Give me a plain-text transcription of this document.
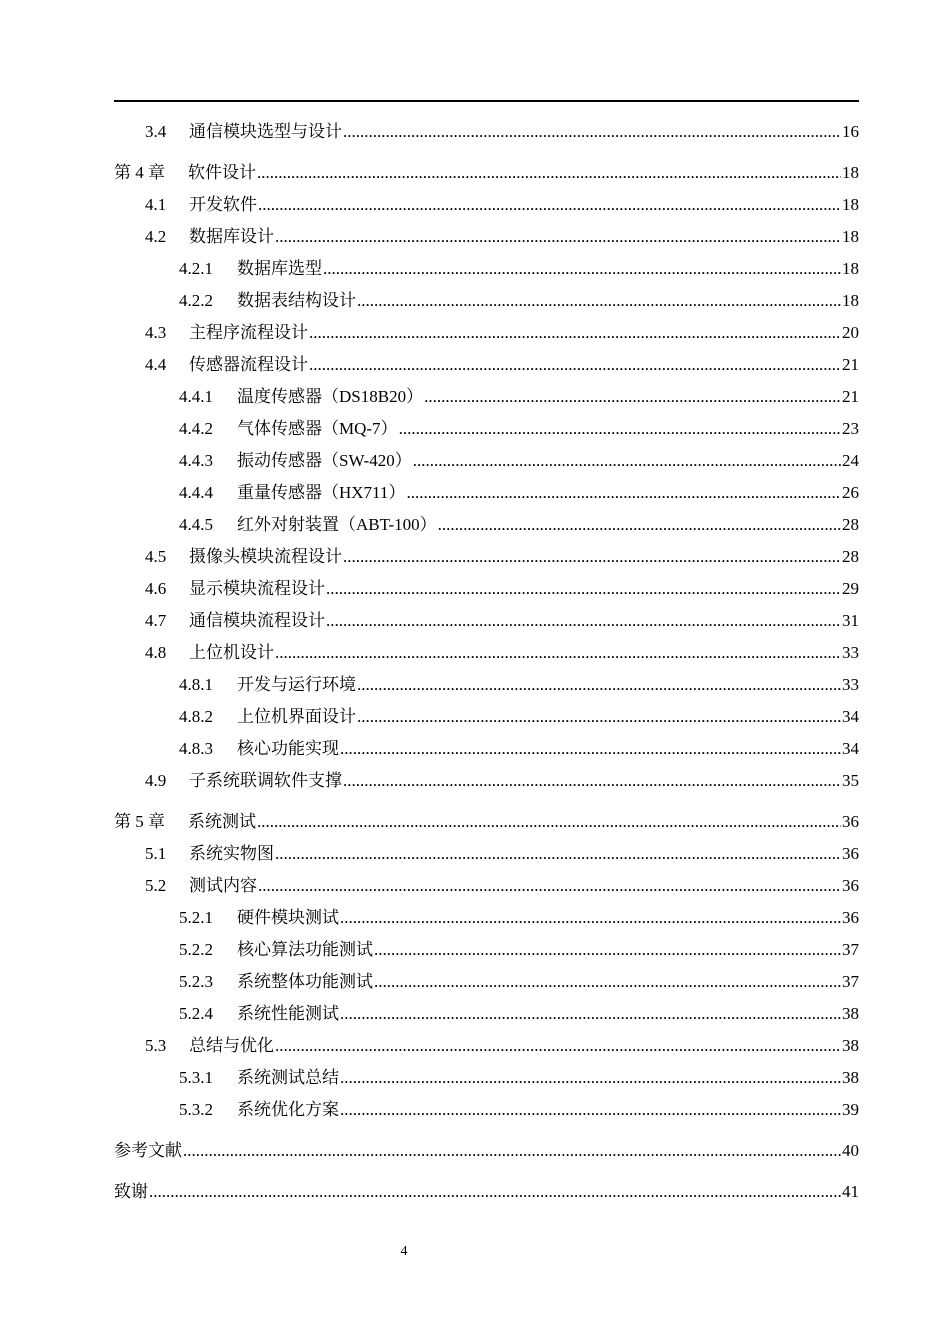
3.4	通信模块选型与设计 .....	16
第 4 章	软件设计 .....	18
4.1	开发软件 .....	18
4.2	数据库设计 .....	18
4.2.1	数据库选型 .....	18
4.2.2	数据表结构设计 .....	18
4.3	主程序流程设计 .....	20
4.4	传感器流程设计 .....	21
4.4.1	温度传感器（DS18B20） .....	21
4.4.2	气体传感器（MQ-7） .....	23
4.4.3	振动传感器（SW-420） .....	24
4.4.4	重量传感器（HX711） .....	26
4.4.5	红外对射装置（ABT-100） .....	28
4.5	摄像头模块流程设计 .....	28
4.6	显示模块流程设计 .....	29
4.7	通信模块流程设计 .....	31
4.8	上位机设计 .....	33
4.8.1	开发与运行环境 .....	33
4.8.2	上位机界面设计 .....	34
4.8.3	核心功能实现 .....	34
4.9	子系统联调软件支撑 .....	35
第 5 章	系统测试 .....	36
5.1	系统实物图 .....	36
5.2	测试内容 .....	36
5.2.1	硬件模块测试 .....	36
5.2.2	核心算法功能测试 .....	37
5.2.3	系统整体功能测试 .....	37
5.2.4	系统性能测试 .....	38
5.3	总结与优化 .....	38
5.3.1	系统测试总结 .....	38
5.3.2	系统优化方案 .....	39
参考文献 .....	40
致谢 .....	41
4
